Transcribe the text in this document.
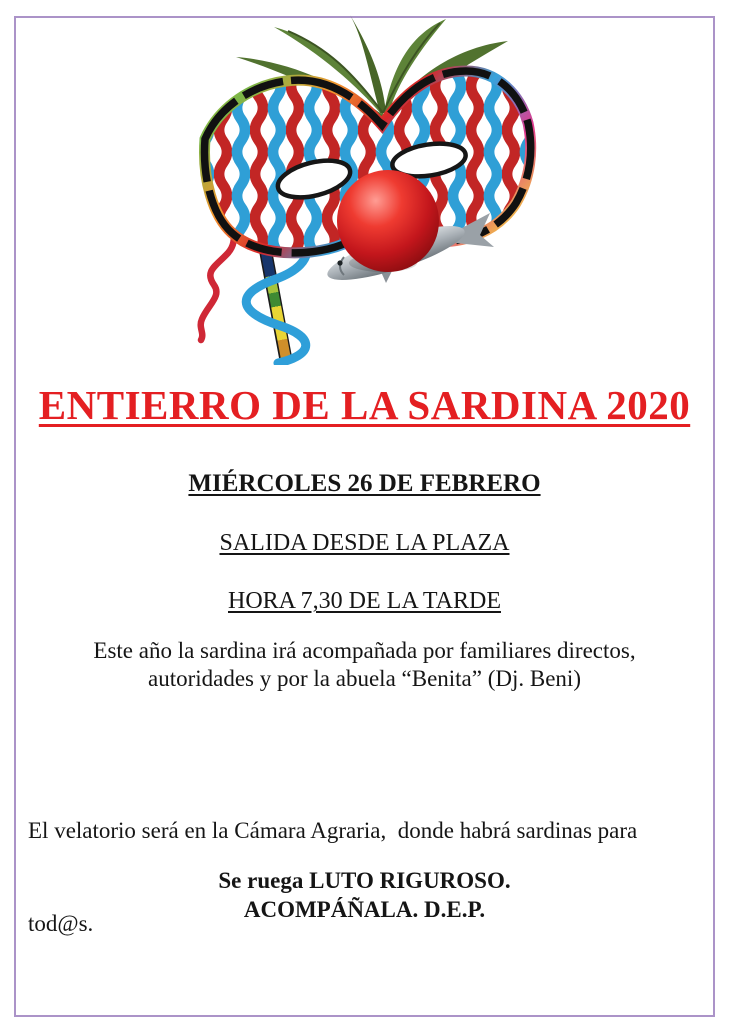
ENTIERRO DE LA SARDINA 2020
MIÉRCOLES 26 DE FEBRERO
SALIDA DESDE LA PLAZA
HORA 7,30 DE LA TARDE
Este año la sardina irá acompañada por familiares directos,
autoridades y por la abuela “Benita” (Dj. Beni)

El velatorio será en la Cámara Agraria,  donde habrá sardinas para

tod@s.

Se ruega LUTO RIGUROSO.
ACOMPÁÑALA. D.E.P.
